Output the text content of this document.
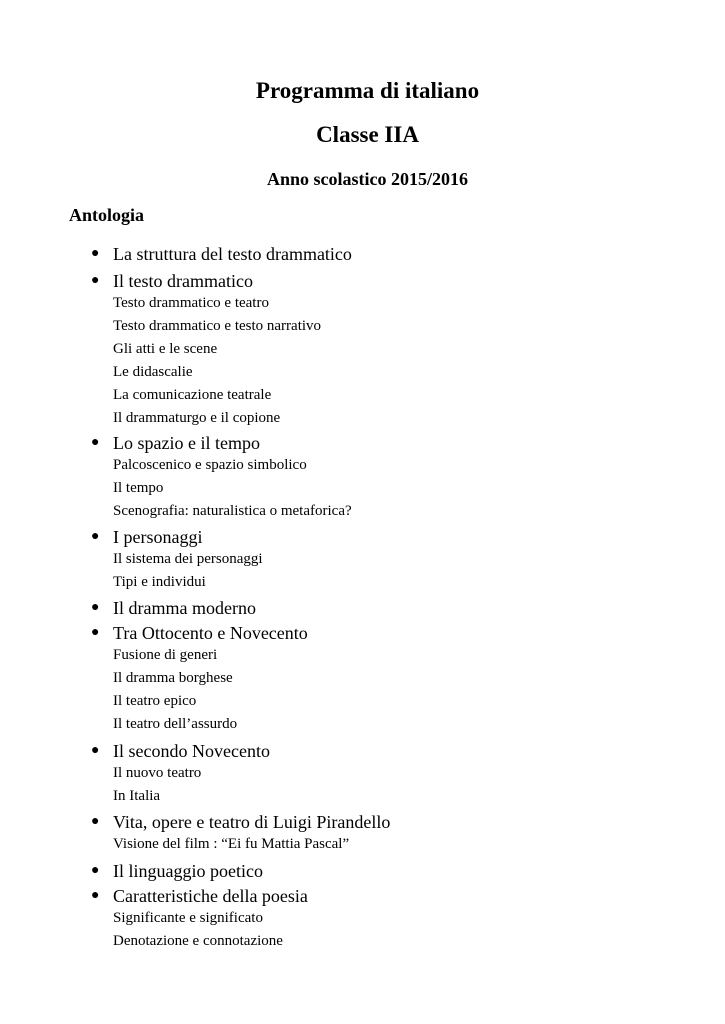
Programma di italiano
Classe IIA
Anno scolastico 2015/2016
Antologia
● La struttura del testo drammatico
● Il testo drammatico
Testo drammatico e teatro
Testo drammatico e testo narrativo
Gli atti e le scene
Le didascalie
La comunicazione teatrale
Il drammaturgo e il copione
● Lo spazio e il tempo
Palcoscenico e spazio simbolico
Il tempo
Scenografia: naturalistica o metaforica?
● I personaggi
Il sistema dei personaggi
Tipi e individui
● Il dramma moderno
● Tra Ottocento e Novecento
Fusione di generi
Il dramma borghese
Il teatro epico
Il teatro dell’assurdo
● Il secondo Novecento
Il nuovo teatro
In Italia
● Vita, opere e teatro di Luigi Pirandello
Visione del film : “Ei fu Mattia Pascal”
● Il linguaggio poetico
● Caratteristiche della poesia
Significante e significato
Denotazione e connotazione
